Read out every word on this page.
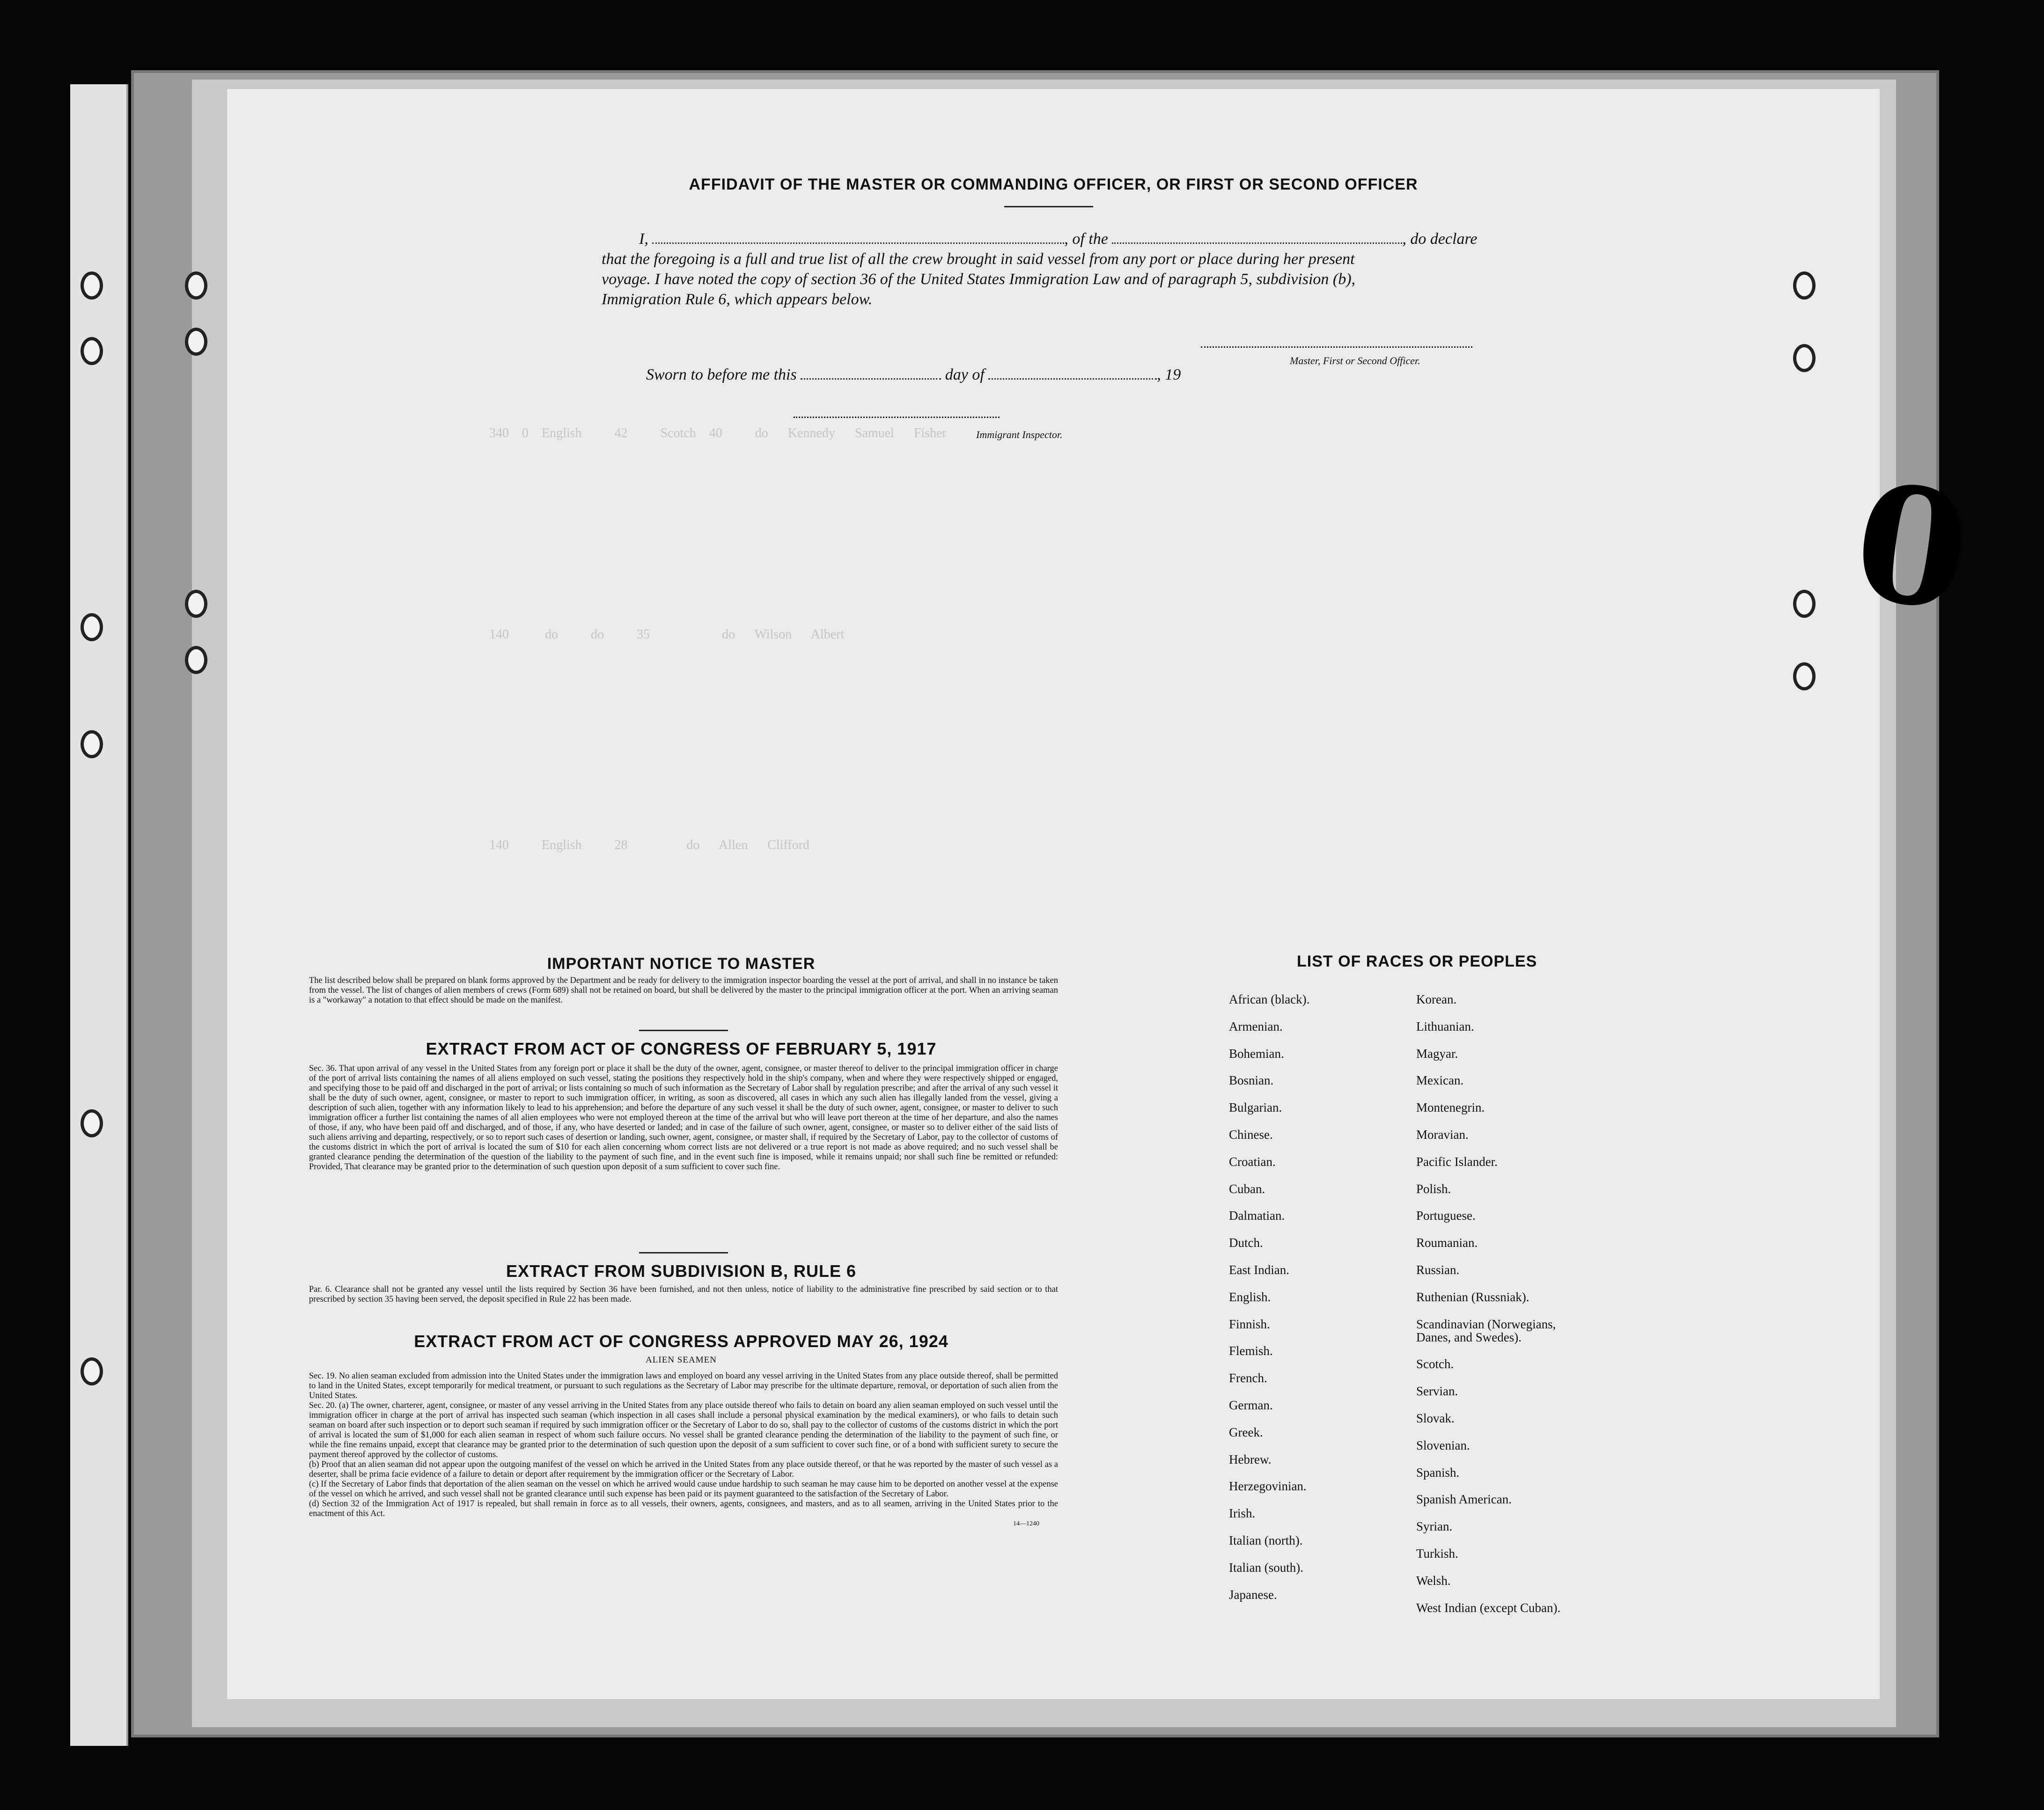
340    0    English          42          Scotch    40          do      Kennedy      Samuel      Fisher
140           do          do          35                      do      Wilson      Albert
140          English          28                  do      Allen      Clifford
AFFIDAVIT OF THE MASTER OR COMMANDING OFFICER, OR FIRST OR SECOND OFFICER
I,	, of the	, do declare
that the foregoing is a full and true list of all the crew brought in said vessel from any port or place during her present
voyage. I have noted the copy of section 36 of the United States Immigration Law and of paragraph 5, subdivision (b),
Immigration Rule 6, which appears below.
Master, First or Second Officer.
Sworn to before me this	day of	, 19
Immigrant Inspector.
IMPORTANT NOTICE TO MASTER
The list described below shall be prepared on blank forms approved by the Department and be ready for delivery to the immigration inspector boarding the vessel at the port of arrival, and shall in no instance be taken from the vessel. The list of changes of alien members of crews (Form 689) shall not be retained on board, but shall be delivered by the master to the principal immigration officer at the port. When an arriving seaman is a "workaway" a notation to that effect should be made on the manifest.
EXTRACT FROM ACT OF CONGRESS OF FEBRUARY 5, 1917
Sec. 36. That upon arrival of any vessel in the United States from any foreign port or place it shall be the duty of the owner, agent, consignee, or master thereof to deliver to the principal immigration officer in charge of the port of arrival lists containing the names of all aliens employed on such vessel, stating the positions they respectively hold in the ship's company, when and where they were respectively shipped or engaged, and specifying those to be paid off and discharged in the port of arrival; or lists containing so much of such information as the Secretary of Labor shall by regulation prescribe; and after the arrival of any such vessel it shall be the duty of such owner, agent, consignee, or master to report to such immigration officer, in writing, as soon as discovered, all cases in which any such alien has illegally landed from the vessel, giving a description of such alien, together with any information likely to lead to his apprehension; and before the departure of any such vessel it shall be the duty of such owner, agent, consignee, or master to deliver to such immigration officer a further list containing the names of all alien employees who were not employed thereon at the time of the arrival but who will leave port thereon at the time of her departure, and also the names of those, if any, who have been paid off and discharged, and of those, if any, who have deserted or landed; and in case of the failure of such owner, agent, consignee, or master so to deliver either of the said lists of such aliens arriving and departing, respectively, or so to report such cases of desertion or landing, such owner, agent, consignee, or master shall, if required by the Secretary of Labor, pay to the collector of customs of the customs district in which the port of arrival is located the sum of $10 for each alien concerning whom correct lists are not delivered or a true report is not made as above required; and no such vessel shall be granted clearance pending the determination of the question of the liability to the payment of such fine, and in the event such fine is imposed, while it remains unpaid; nor shall such fine be remitted or refunded: Provided, That clearance may be granted prior to the determination of such question upon deposit of a sum sufficient to cover such fine.
EXTRACT FROM SUBDIVISION B, RULE 6
Par. 6. Clearance shall not be granted any vessel until the lists required by Section 36 have been furnished, and not then unless, notice of liability to the administrative fine prescribed by said section or to that prescribed by section 35 having been served, the deposit specified in Rule 22 has been made.
EXTRACT FROM ACT OF CONGRESS APPROVED MAY 26, 1924
ALIEN SEAMEN
Sec. 19. No alien seaman excluded from admission into the United States under the immigration laws and employed on board any vessel arriving in the United States from any place outside thereof, shall be permitted to land in the United States, except temporarily for medical treatment, or pursuant to such regulations as the Secretary of Labor may prescribe for the ultimate departure, removal, or deportation of such alien from the United States.
Sec. 20. (a) The owner, charterer, agent, consignee, or master of any vessel arriving in the United States from any place outside thereof who fails to detain on board any alien seaman employed on such vessel until the immigration officer in charge at the port of arrival has inspected such seaman (which inspection in all cases shall include a personal physical examination by the medical examiners), or who fails to detain such seaman on board after such inspection or to deport such seaman if required by such immigration officer or the Secretary of Labor to do so, shall pay to the collector of customs of the customs district in which the port of arrival is located the sum of $1,000 for each alien seaman in respect of whom such failure occurs. No vessel shall be granted clearance pending the determination of the liability to the payment of such fine, or while the fine remains unpaid, except that clearance may be granted prior to the determination of such question upon the deposit of a sum sufficient to cover such fine, or of a bond with sufficient surety to secure the payment thereof approved by the collector of customs.
(b) Proof that an alien seaman did not appear upon the outgoing manifest of the vessel on which he arrived in the United States from any place outside thereof, or that he was reported by the master of such vessel as a deserter, shall be prima facie evidence of a failure to detain or deport after requirement by the immigration officer or the Secretary of Labor.
(c) If the Secretary of Labor finds that deportation of the alien seaman on the vessel on which he arrived would cause undue hardship to such seaman he may cause him to be deported on another vessel at the expense of the vessel on which he arrived, and such vessel shall not be granted clearance until such expense has been paid or its payment guaranteed to the satisfaction of the Secretary of Labor.
(d) Section 32 of the Immigration Act of 1917 is repealed, but shall remain in force as to all vessels, their owners, agents, consignees, and masters, and as to all seamen, arriving in the United States prior to the enactment of this Act.
14—1240
LIST OF RACES OR PEOPLES
African (black).
Armenian.
Bohemian.
Bosnian.
Bulgarian.
Chinese.
Croatian.
Cuban.
Dalmatian.
Dutch.
East Indian.
English.
Finnish.
Flemish.
French.
German.
Greek.
Hebrew.
Herzegovinian.
Irish.
Italian (north).
Italian (south).
Japanese.
Korean.
Lithuanian.
Magyar.
Mexican.
Montenegrin.
Moravian.
Pacific Islander.
Polish.
Portuguese.
Roumanian.
Russian.
Ruthenian (Russniak).
Scandinavian (Norwegians,
Danes, and Swedes).
Scotch.
Servian.
Slovak.
Slovenian.
Spanish.
Spanish American.
Syrian.
Turkish.
Welsh.
West Indian (except Cuban).
0
